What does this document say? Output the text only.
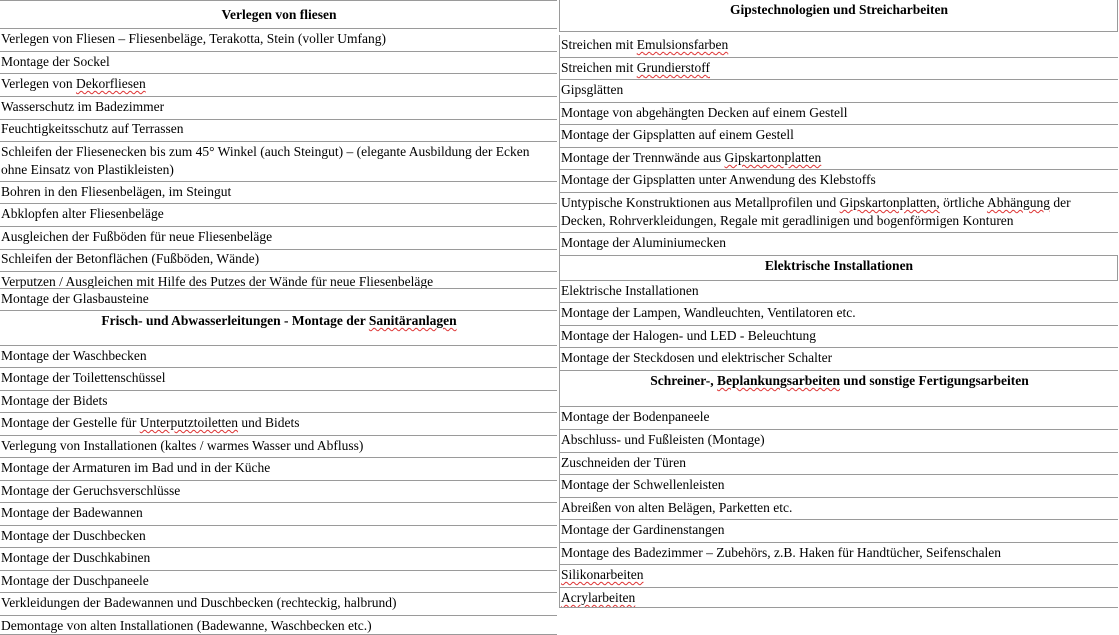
Verlegen von fliesen
Verlegen von Fliesen – Fliesenbeläge, Terakotta, Stein (voller Umfang)
Montage der Sockel
Verlegen von Dekorfliesen
Wasserschutz im Badezimmer
Feuchtigkeitsschutz auf Terrassen
Schleifen der Fliesenecken bis zum 45° Winkel (auch Steingut) – (elegante Ausbildung der Ecken ohne Einsatz von Plastikleisten)
Bohren in den Fliesenbelägen, im Steingut
Abklopfen alter Fliesenbeläge
Ausgleichen der Fußböden für neue Fliesenbeläge
Schleifen der Betonflächen (Fußböden, Wände)
Verputzen / Ausgleichen mit Hilfe des Putzes der Wände für neue Fliesenbeläge
Montage der Glasbausteine
Frisch- und Abwasserleitungen - Montage der Sanitäranlagen
Montage der Waschbecken
Montage der Toilettenschüssel
Montage der Bidets
Montage der Gestelle für Unterputztoiletten und Bidets
Verlegung von Installationen (kaltes / warmes Wasser und Abfluss)
Montage der Armaturen im Bad und in der Küche
Montage der Geruchsverschlüsse
Montage der Badewannen
Montage der Duschbecken
Montage der Duschkabinen
Montage der Duschpaneele
Verkleidungen der Badewannen und Duschbecken (rechteckig, halbrund)
Demontage von alten Installationen (Badewanne, Waschbecken etc.)
Gipstechnologien und Streicharbeiten
Streichen mit Emulsionsfarben
Streichen mit Grundierstoff
Gipsglätten
Montage von abgehängten Decken auf einem Gestell
Montage der Gipsplatten auf einem Gestell
Montage der Trennwände aus Gipskartonplatten
Montage der Gipsplatten unter Anwendung des Klebstoffs
Untypische Konstruktionen aus Metallprofilen und Gipskartonplatten, örtliche Abhängung der Decken, Rohrverkleidungen, Regale mit geradlinigen und bogenförmigen Konturen
Montage der Aluminiumecken
Elektrische Installationen
Elektrische Installationen
Montage der Lampen, Wandleuchten, Ventilatoren etc.
Montage der Halogen- und LED - Beleuchtung
Montage der Steckdosen und elektrischer Schalter
Schreiner-, Beplankungsarbeiten und sonstige Fertigungsarbeiten
Montage der Bodenpaneele
Abschluss- und Fußleisten (Montage)
Zuschneiden der Türen
Montage der Schwellenleisten
Abreißen von alten Belägen, Parketten etc.
Montage der Gardinenstangen
Montage des Badezimmer – Zubehörs, z.B. Haken für Handtücher, Seifenschalen
Silikonarbeiten
Acrylarbeiten
